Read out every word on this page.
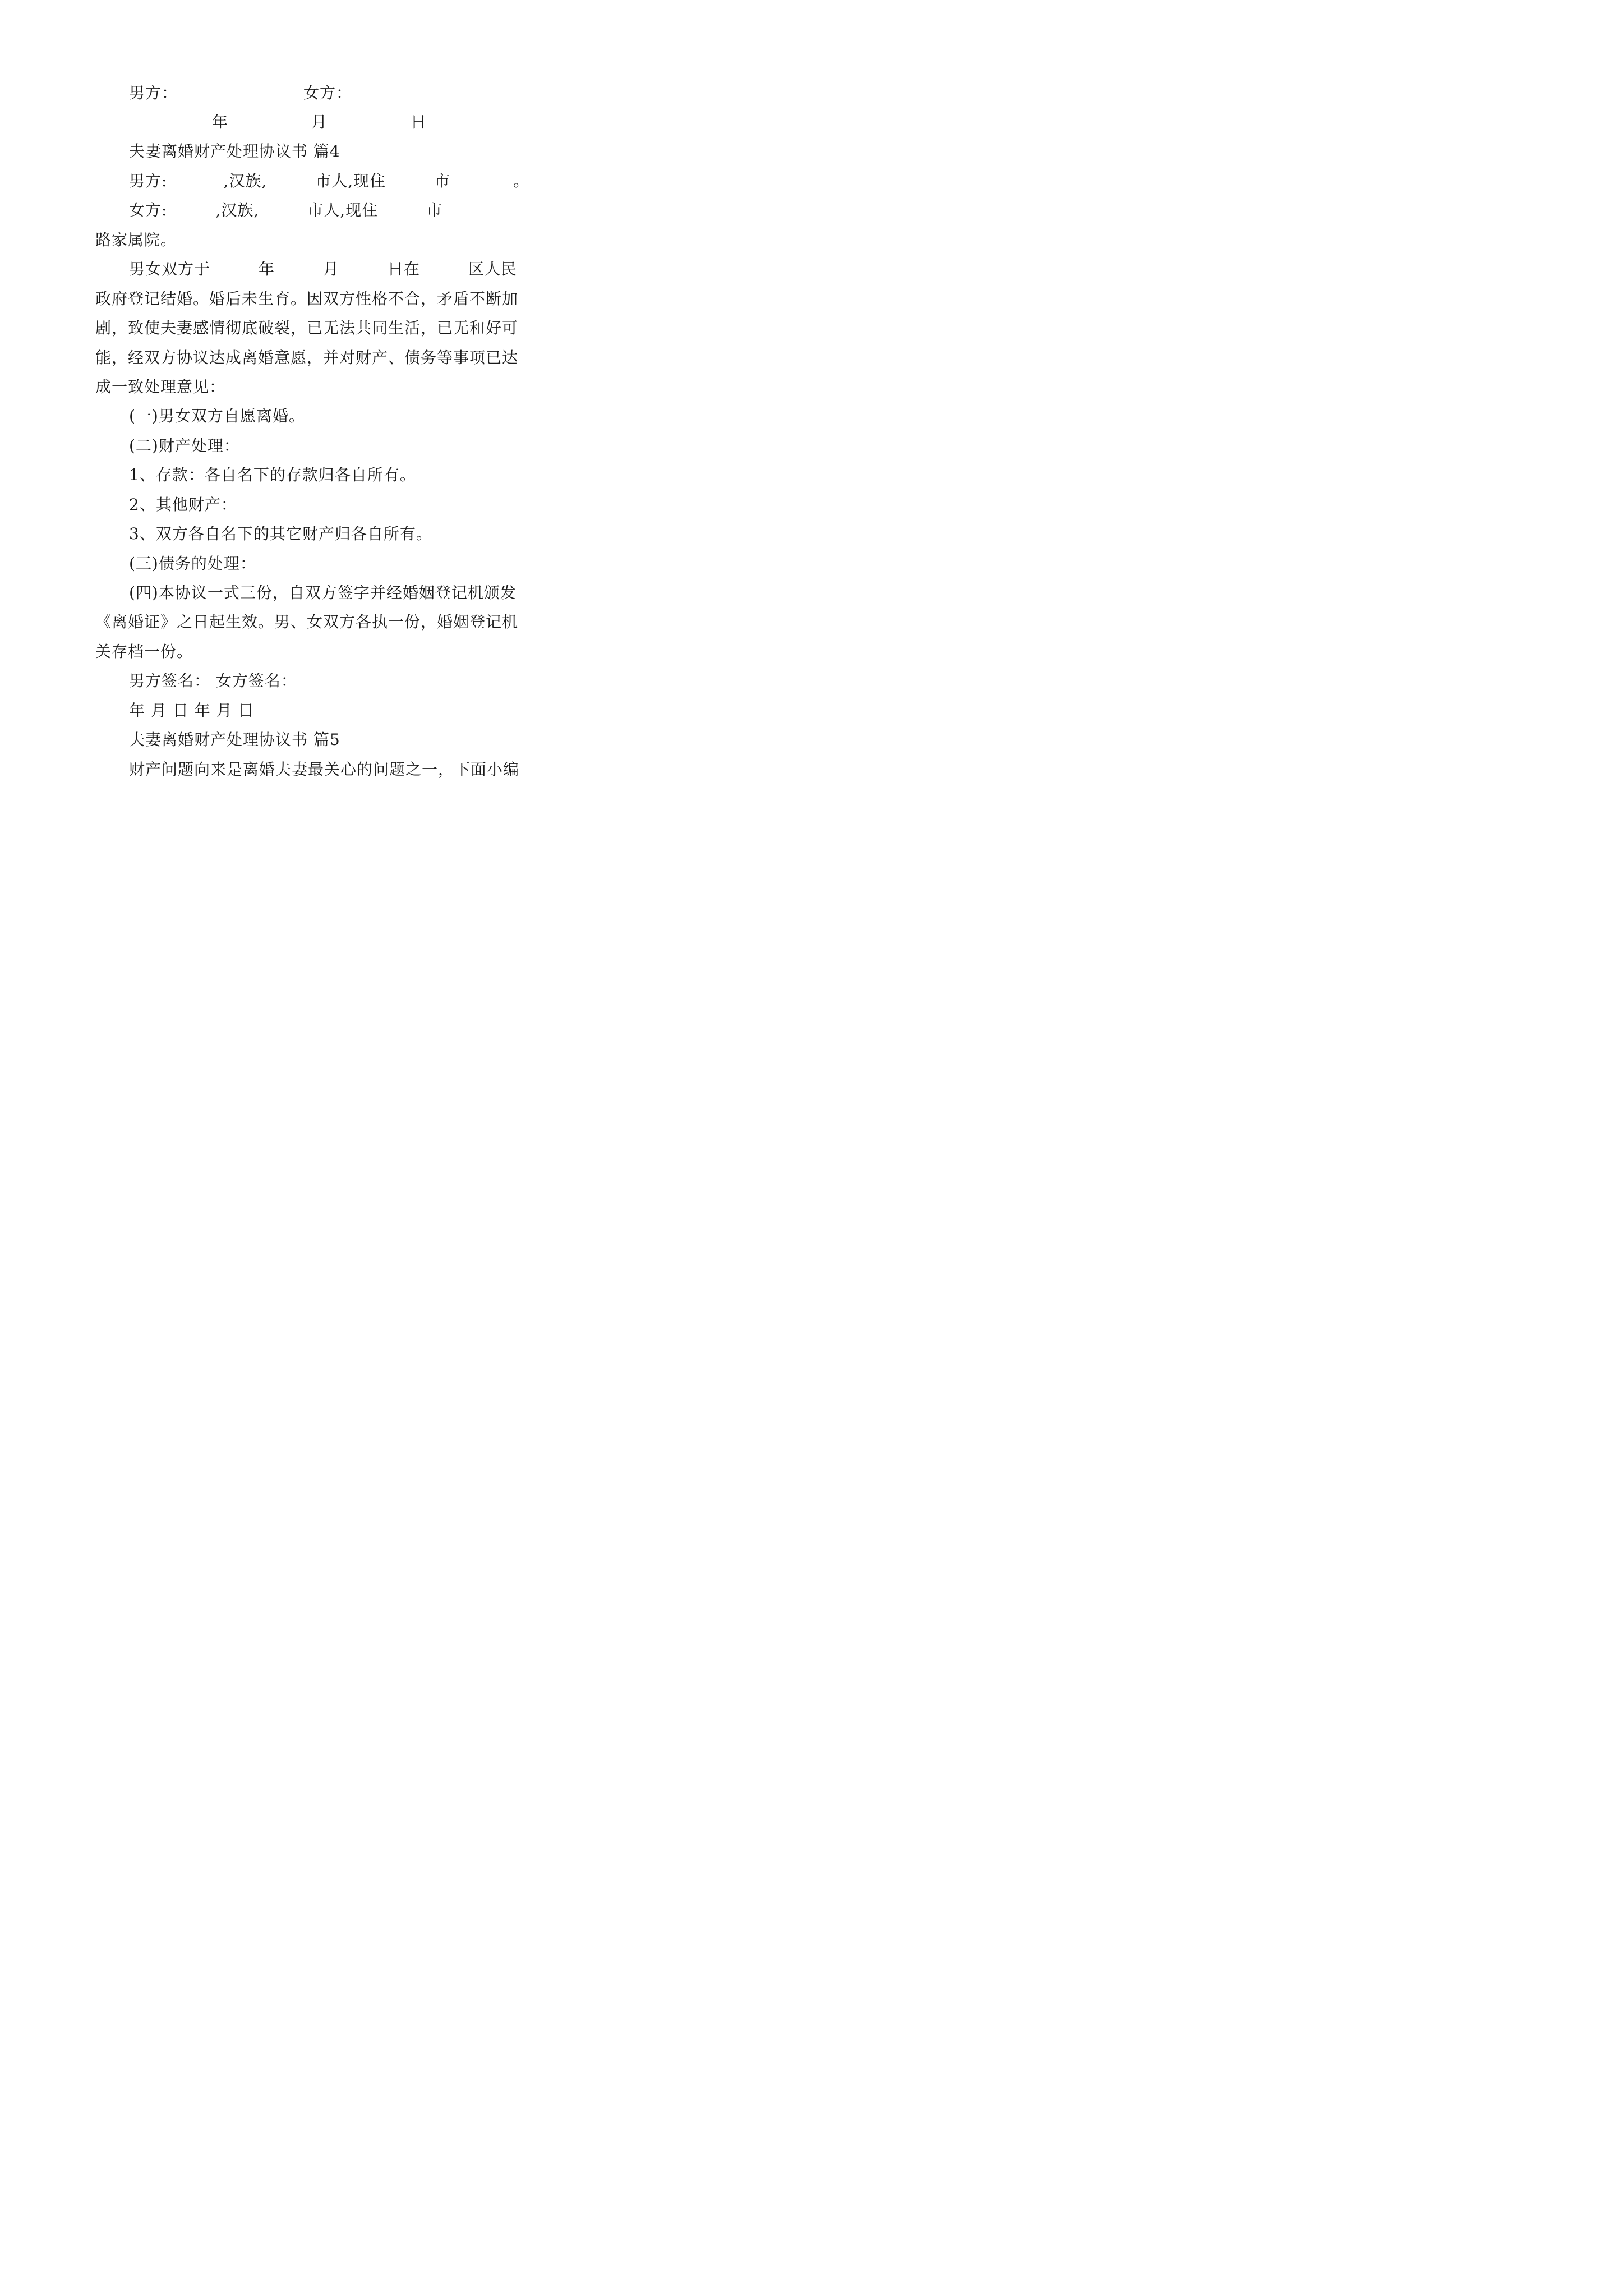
男方：	女方：
年	月	日
夫妻离婚财产处理协议书 篇4
男方:	,汉族,	市人,现住	市	。
女方:	,汉族,	市人,现住	市
路家属院。
男女双方于	年	月	日在	区人民
政府登记结婚。婚后未生育。因双方性格不合，矛盾不断加
剧，致使夫妻感情彻底破裂，已无法共同生活，已无和好可
能，经双方协议达成离婚意愿，并对财产、债务等事项已达
成一致处理意见：
(一)男女双方自愿离婚。
(二)财产处理：
1、存款：各自名下的存款归各自所有。
2、其他财产：
3、双方各自名下的其它财产归各自所有。
(三)债务的处理：
(四)本协议一式三份，自双方签字并经婚姻登记机颁发
《离婚证》之日起生效。男、女双方各执一份，婚姻登记机
关存档一份。
男方签名： 女方签名：
年 月 日 年 月 日
夫妻离婚财产处理协议书 篇5
财产问题向来是离婚夫妻最关心的问题之一，下面小编
